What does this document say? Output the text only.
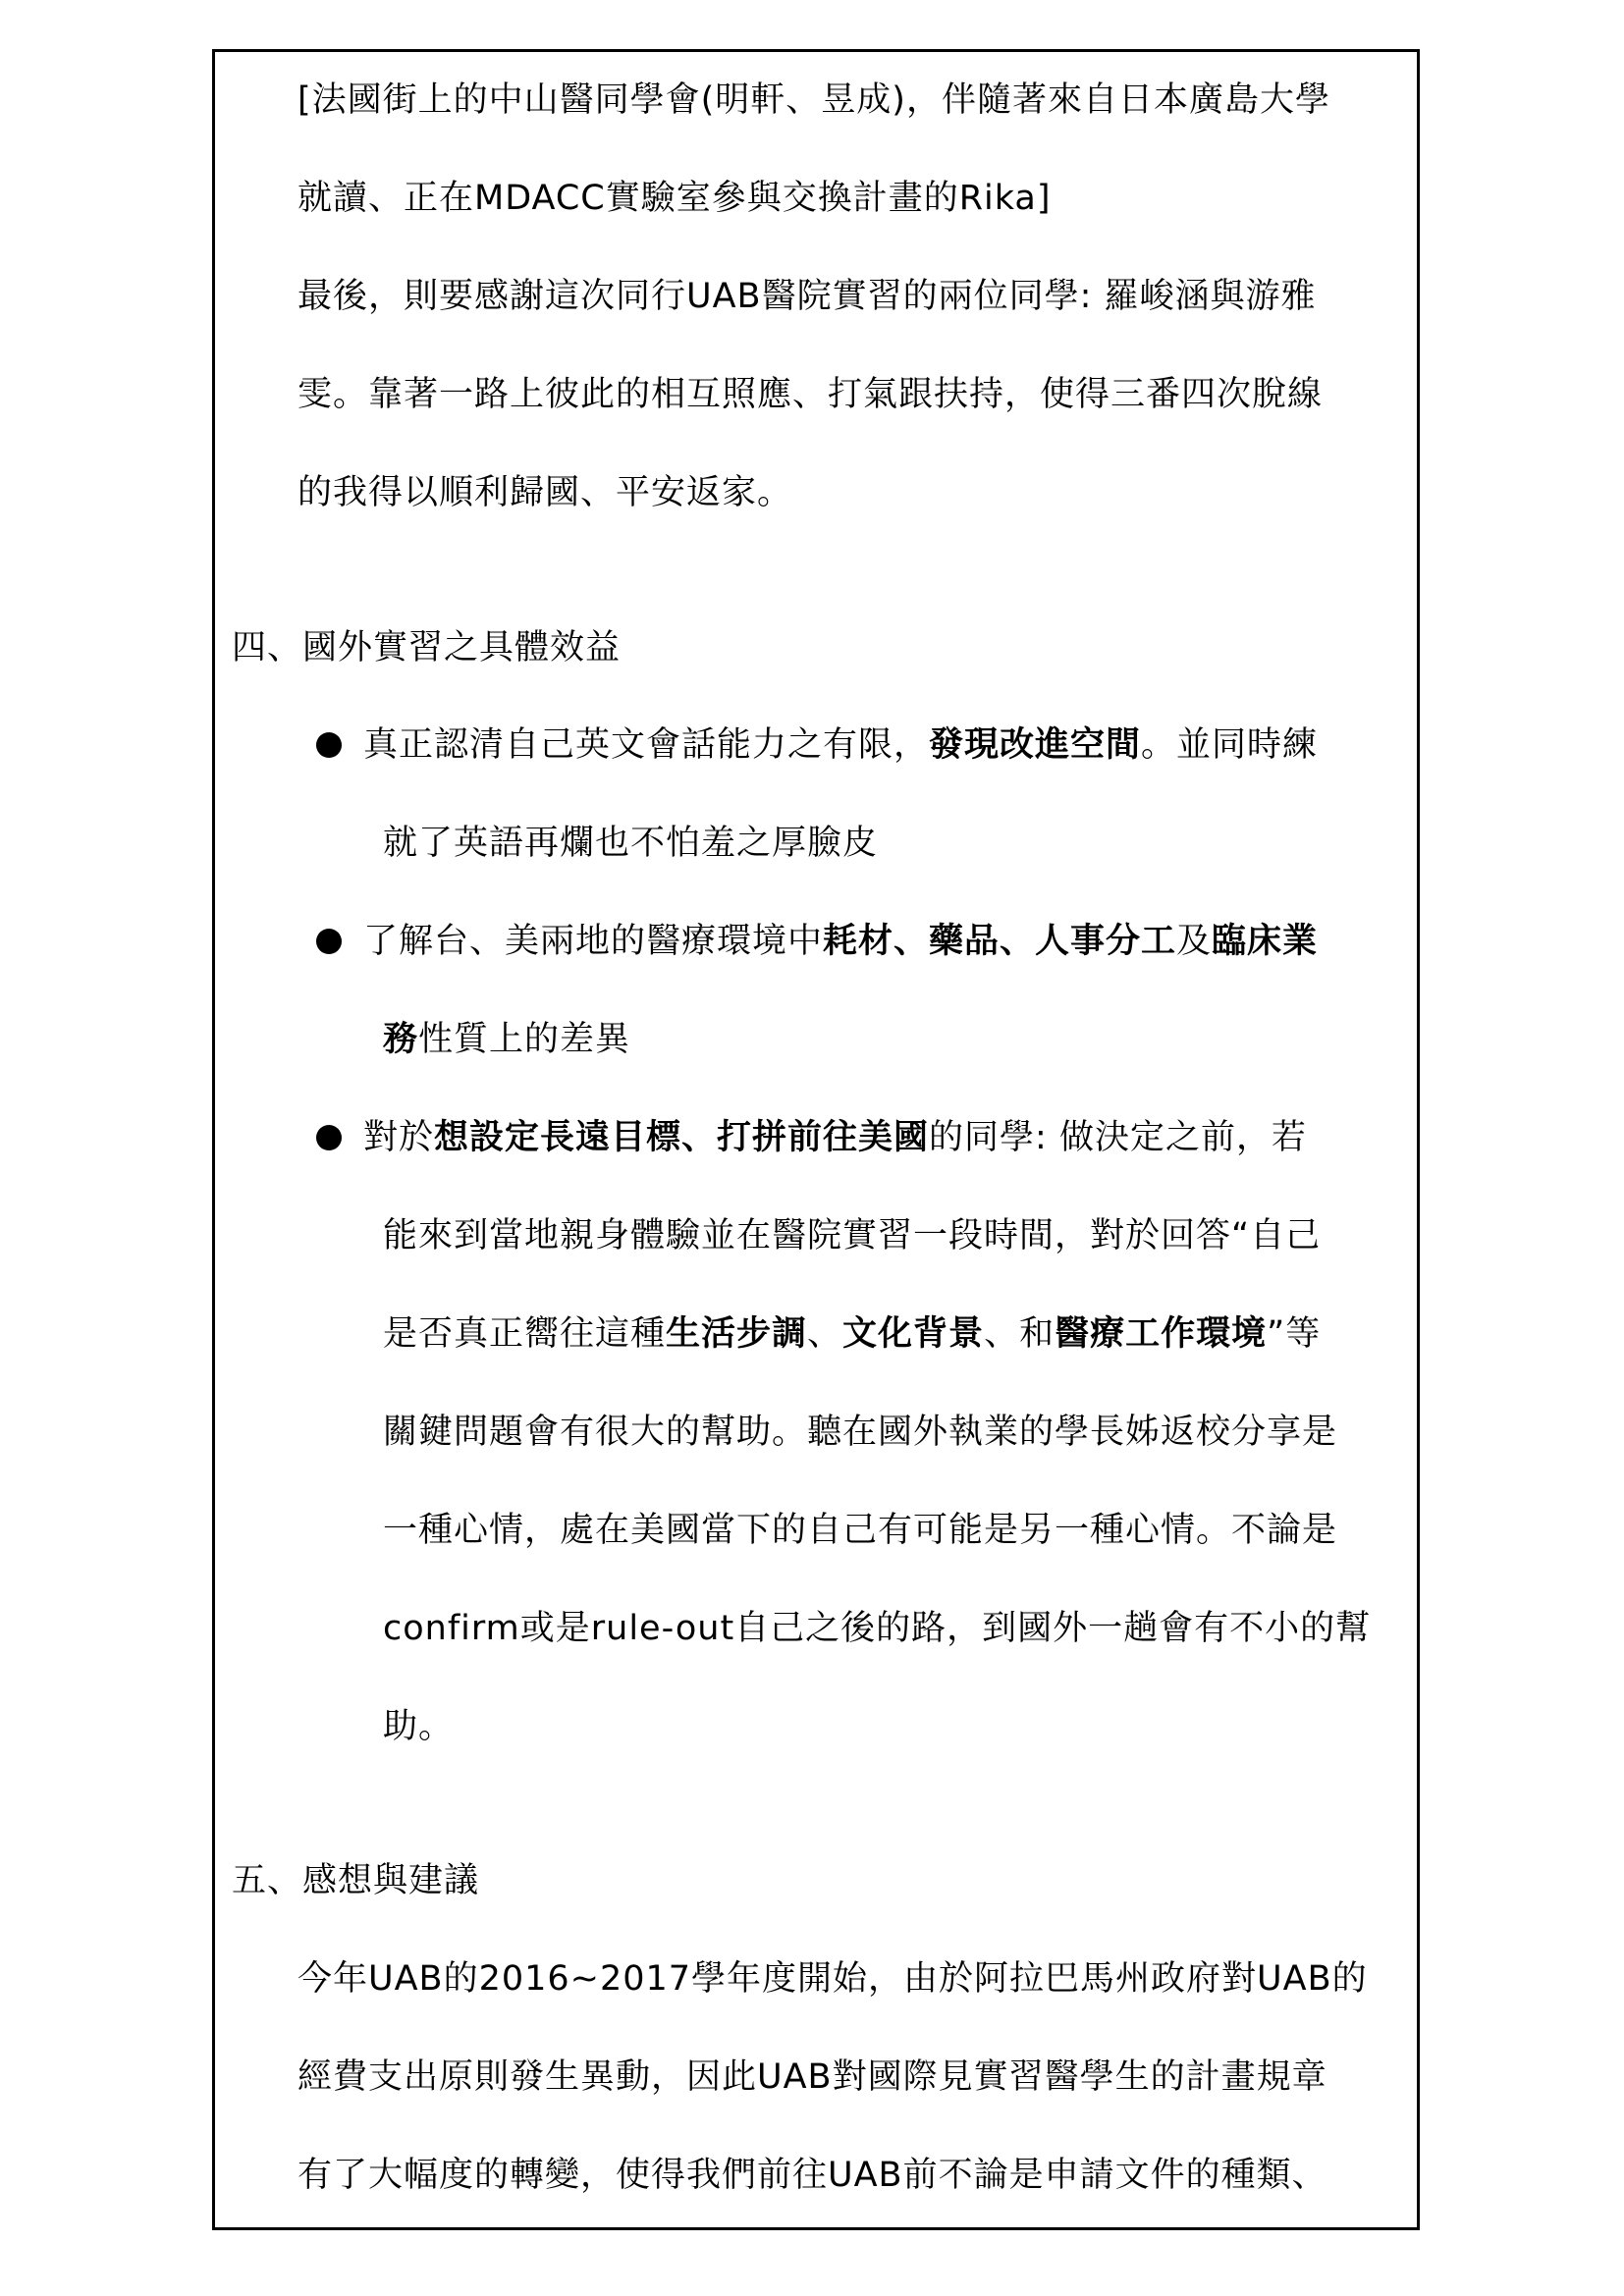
[法國街上的中山醫同學會(明軒、昱成)，伴隨著來自日本廣島大學
就讀、正在MDACC實驗室參與交換計畫的Rika]
最後，則要感謝這次同行UAB醫院實習的兩位同學: 羅峻涵與游雅
雯。靠著一路上彼此的相互照應、打氣跟扶持，使得三番四次脫線
的我得以順利歸國、平安返家。
四、國外實習之具體效益
真正認清自己英文會話能力之有限，發現改進空間。並同時練
就了英語再爛也不怕羞之厚臉皮
了解台、美兩地的醫療環境中耗材、藥品、人事分工及臨床業
務性質上的差異
對於想設定長遠目標、打拼前往美國的同學: 做決定之前，若
能來到當地親身體驗並在醫院實習一段時間，對於回答“自己
是否真正嚮往這種生活步調、文化背景、和醫療工作環境”等
關鍵問題會有很大的幫助。聽在國外執業的學長姊返校分享是
一種心情，處在美國當下的自己有可能是另一種心情。不論是
confirm或是rule-out自己之後的路，到國外一趟會有不小的幫
助。
五、感想與建議
今年UAB的2016~2017學年度開始，由於阿拉巴馬州政府對UAB的
經費支出原則發生異動，因此UAB對國際見實習醫學生的計畫規章
有了大幅度的轉變，使得我們前往UAB前不論是申請文件的種類、
